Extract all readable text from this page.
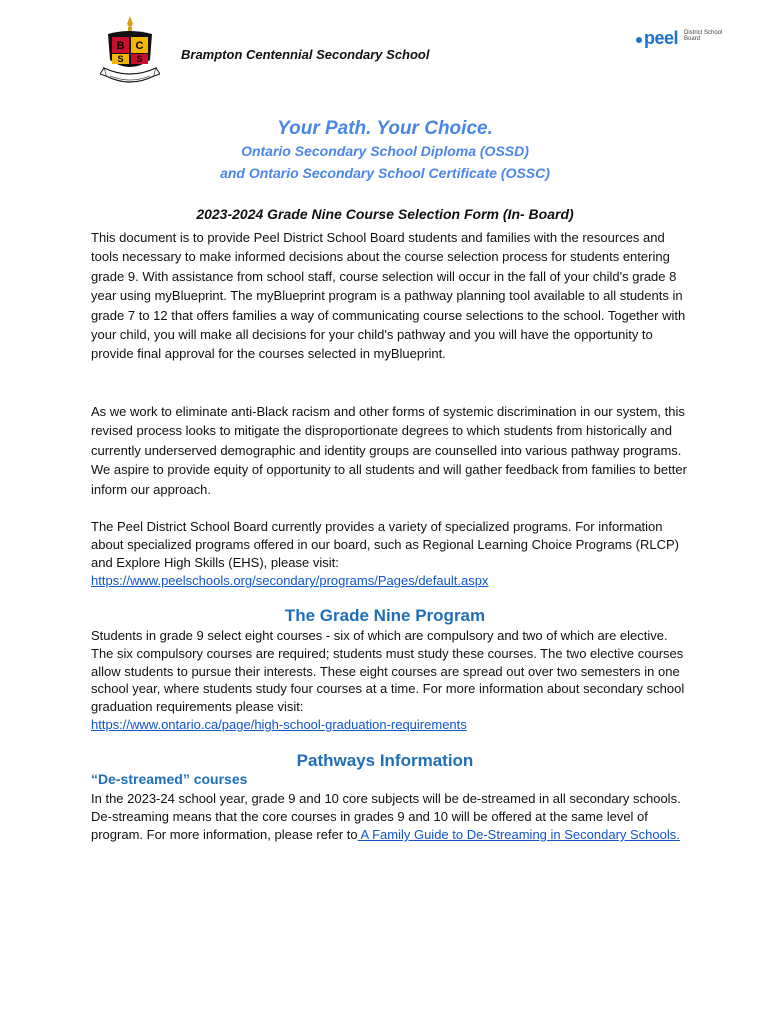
B C
S S	Brampton Centennial Secondary School
peel District School Board
Your Path. Your Choice.
Ontario Secondary School Diploma (OSSD)
and Ontario Secondary School Certificate (OSSC)
2023-2024 Grade Nine Course Selection Form (In- Board)

This document is to provide Peel District School Board students and families with the resources and tools necessary to make informed decisions about the course selection process for students entering grade 9. With assistance from school staff, course selection will occur in the fall of your child's grade 8 year using myBlueprint. The myBlueprint program is a pathway planning tool available to all students in grade 7 to 12 that offers families a way of communicating course selections to the school. Together with your child, you will make all decisions for your child's pathway and you will have the opportunity to provide final approval for the courses selected in myBlueprint.

As we work to eliminate anti-Black racism and other forms of systemic discrimination in our system, this revised process looks to mitigate the disproportionate degrees to which students from historically and currently underserved demographic and identity groups are counselled into various pathway programs. We aspire to provide equity of opportunity to all students and will gather feedback from families to better inform our approach.

The Peel District School Board currently provides a variety of specialized programs. For information about specialized programs offered in our board, such as Regional Learning Choice Programs (RLCP) and Explore High Skills (EHS), please visit:
https://www.peelschools.org/secondary/programs/Pages/default.aspx

The Grade Nine Program

Students in grade 9 select eight courses - six of which are compulsory and two of which are elective. The six compulsory courses are required; students must study these courses. The two elective courses allow students to pursue their interests. These eight courses are spread out over two semesters in one school year, where students study four courses at a time. For more information about secondary school graduation requirements please visit:
https://www.ontario.ca/page/high-school-graduation-requirements

Pathways Information
“De-streamed” courses

In the 2023-24 school year, grade 9 and 10 core subjects will be de-streamed in all secondary schools. De-streaming means that the core courses in grades 9 and 10 will be offered at the same level of program. For more information, please refer to A Family Guide to De-Streaming in Secondary Schools.
